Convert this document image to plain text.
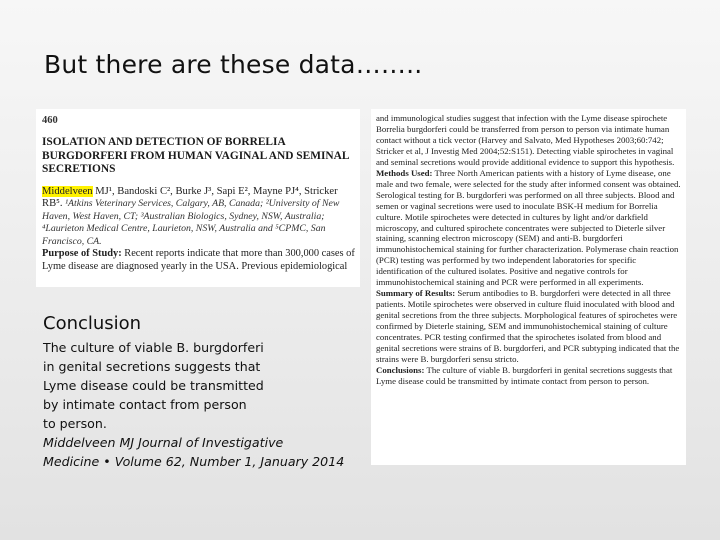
But there are these data……..
460
ISOLATION AND DETECTION OF BORRELIA BURGDORFERI FROM HUMAN VAGINAL AND SEMINAL SECRETIONS
Middelveen MJ¹, Bandoski C², Burke J³, Sapi E², Mayne PJ⁴, Stricker RB⁵. ¹Atkins Veterinary Services, Calgary, AB, Canada; ²University of New Haven, West Haven, CT; ³Australian Biologics, Sydney, NSW, Australia; ⁴Laurieton Medical Centre, Laurieton, NSW, Australia and ⁵CPMC, San Francisco, CA.
Purpose of Study: Recent reports indicate that more than 300,000 cases of Lyme disease are diagnosed yearly in the USA. Previous epidemiological

and immunological studies suggest that infection with the Lyme disease spirochete Borrelia burgdorferi could be transferred from person to person via intimate human contact without a tick vector (Harvey and Salvato, Med Hypotheses 2003;60:742; Stricker et al, J Investig Med 2004;52:S151). Detecting viable spirochetes in vaginal and seminal secretions would provide additional evidence to support this hypothesis.

Methods Used: Three North American patients with a history of Lyme disease, one male and two female, were selected for the study after informed consent was obtained. Serological testing for B. burgdorferi was performed on all three subjects. Blood and semen or vaginal secretions were used to inoculate BSK-H medium for Borrelia culture. Motile spirochetes were detected in cultures by light and/or darkfield microscopy, and cultured spirochete concentrates were subjected to Dieterle silver staining, scanning electron microscopy (SEM) and anti-B. burgdorferi immunohistochemical staining for further characterization. Polymerase chain reaction (PCR) testing was performed by two independent laboratories for specific identification of the cultured isolates. Positive and negative controls for immunohistochemical staining and PCR were performed in all experiments.

Summary of Results: Serum antibodies to B. burgdorferi were detected in all three patients. Motile spirochetes were observed in culture fluid inoculated with blood and genital secretions from the three subjects. Morphological features of spirochetes were confirmed by Dieterle staining, SEM and immunohistochemical staining of culture concentrates. PCR testing confirmed that the spirochetes isolated from blood and genital secretions were strains of B. burgdorferi, and PCR subtyping indicated that the strains were B. burgdorferi sensu stricto.

Conclusions: The culture of viable B. burgdorferi in genital secretions suggests that Lyme disease could be transmitted by intimate contact from person to person.

Conclusion
The culture of viable B. burgdorferi
in genital secretions suggests that
Lyme disease could be transmitted
by intimate contact from person
to person.
Middelveen MJ Journal of Investigative
Medicine • Volume 62, Number 1, January 2014
